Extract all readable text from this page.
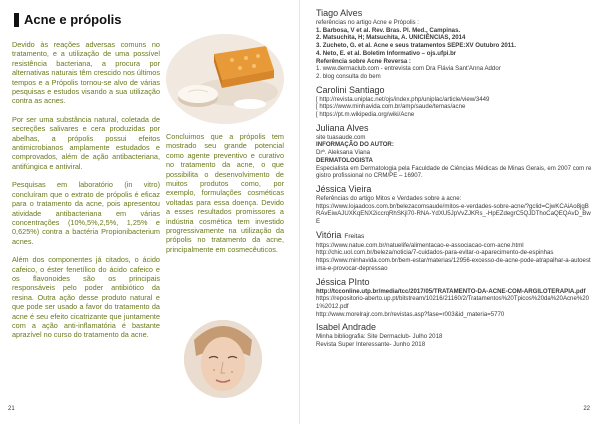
Acne e própolis

Devido às reações adversas comuns no tratamento, e a utilização de uma possível resistência bacteriana, a procura por alternativas naturais têm crescido nos últimos tempos e a Própolis tornou-se alvo de várias pesquisas e estudos visando a sua utilização contra as acnes.

Por ser uma substância natural, coletada de secreções salivares e cera produzidas por abelhas, a própolis possui efeitos antimicrobianos amplamente estudados e comprovados, além de ação antibacteriana, antifúngica e antiviral.

Pesquisas em laboratório (in vitro) concluíram que o extrato de própolis é eficaz para o tratamento da acne, pois apresentou atividade antibacteriana em várias concentrações (10%,5%,2,5%, 1,25% e 0,625%) contra a bactéria Propionibacterium acnes.

Além dos componentes já citados, o ácido cafeico, o éster fenetílico do ácido cafeico e os flavonoides são os principais responsáveis pelo poder antibiótico da resina. Outra ação desse produto natural e que pode ser usado a favor do tratamento da acne é seu efeito cicatrizante que juntamente com a ação anti-inflamatória é bastante aprazível no curso do tratamento da acne.

Concluimos que a própolis tem mostrado seu grande potencial como agente preventivo e curativo no tratamento da acne, o que possibilita o desenvolvimento de muitos produtos como, por exemplo, formulações cosméticas voltadas para essa doença. Devido a esses resultados promissores a indústria cosmética tem investido progressivamente na utilização da própolis no tratamento da acne, principalmente em cosmecêuticos.
21
Tiago Alves
referências no artigo Acne e Própolis :
1. Barbosa, V et al. Rev. Bras. Pl. Med., Campinas.
2. Matsuchita, H; Matsuchita, A. UNICIÊNCIAS, 2014
3. Zucheto, G. et al. Acne e seus tratamentos SEPE:XV Outubro 2011.
4. Neto, E. et al. Boletim Informativo – ojs.ufpi.br
Referência sobre Acne Reversa :
1. www.dermaclub.com - entrevista com Dra Flávia Sant'Anna Addor
2. blog consulta do bem
Carolini Santiago
[ http://revista.uniplac.net/ojs/index.php/uniplac/article/view/3449
[ https://www.minhavida.com.br/amp/saude/temas/acne
[ https://pt.m.wikipedia.org/wiki/Acne
Juliana Alves
site tuasaude.com
INFORMAÇÃO DO AUTOR:
Drª. Aleksana Viana
DERMATOLOGISTA
Especialista em Dermatologia pela Faculdade de Ciências Médicas de Minas Gerais, em 2007 com registro profissional no CRM/PE – 16907.
Jéssica Vieira
Referências do artigo Mitos e Verdades sobre a acne:
https://www.lojaadcos.com.br/belezacomsaude/mitos-e-verdades-sobre-acne/?gclid=CjwKCAiAo8jgBRAvEiwAJUXKqENX2iccrqRhSKjl70-RNA-YdXU5JpVvZJKRs_-HpEZdegrC5QJDThoCaQEQAvD_BwE
Vitória Freitas
https://www.natue.com.br/natuelife/alimentacao-e-associacao-com-acne.html
http://chic.uol.com.br/beleza/noticia/7-cuidados-para-evitar-o-aparecimento-de-espinhas
https://www.minhavida.com.br/bem-estar/materias/12956-excesso-de-acne-pode-atrapalhar-a-autoestima-e-provocar-depressao
Jéssica PInto
http://tcconline.utp.br/media/tcc/2017/05/TRATAMENTO-DA-ACNE-COM-ARGILOTERAPIA.pdf
https://repositorio-aberto.up.pt/bitstream/10216/21160/2/Tratamentos%20Tpicos%20da%20Acne%201%2012.pdf
http://www.morelrajr.com.br/revistas.asp?fase=r003&id_materia=5770
Isabel Andrade
Minha bibliografia: Site Dermaclub- Julho 2018
Revista Super Interessante- Junho 2018
22
